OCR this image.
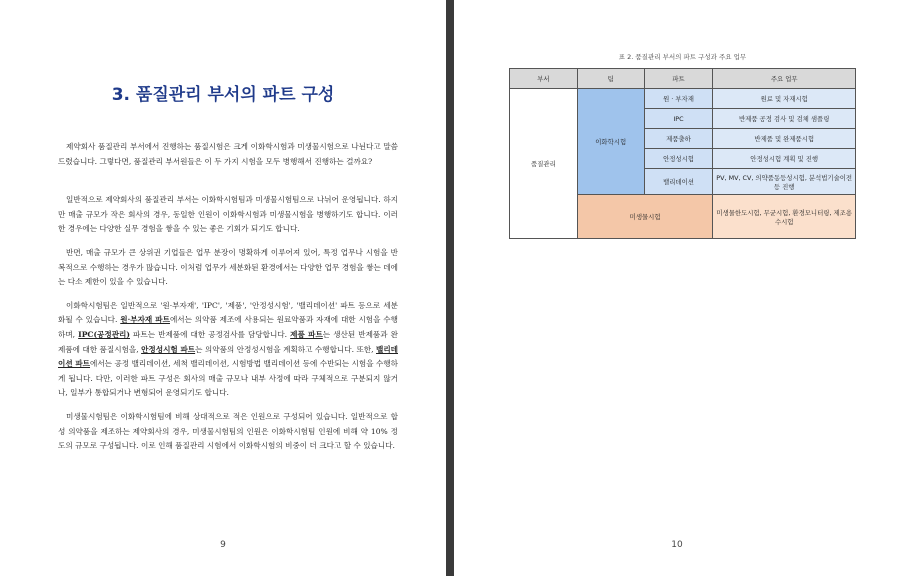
3. 품질관리 부서의 파트 구성

제약회사 품질관리 부서에서 진행하는 품질시험은 크게 이화학시험과 미생물시험으로 나뉜다고 말씀드렸습니다. 그렇다면, 품질관리 부서원들은 이 두 가지 시험을 모두 병행해서 진행하는 걸까요?

일반적으로 제약회사의 품질관리 부서는 이화학시험팀과 미생물시험팀으로 나뉘어 운영됩니다. 하지만 매출 규모가 작은 회사의 경우, 동일한 인원이 이화학시험과 미생물시험을 병행하기도 합니다. 이러한 경우에는 다양한 실무 경험을 쌓을 수 있는 좋은 기회가 되기도 합니다.

반면, 매출 규모가 큰 상위권 기업들은 업무 분장이 명확하게 이루어져 있어, 특정 업무나 시험을 반복적으로 수행하는 경우가 많습니다. 이처럼 업무가 세분화된 환경에서는 다양한 업무 경험을 쌓는 데에는 다소 제한이 있을 수 있습니다.

이화학시험팀은 일반적으로 '원·부자재', 'IPC', '제품', '안정성시험', '밸리데이션' 파트 등으로 세분화될 수 있습니다. 원·부자재 파트에서는 의약품 제조에 사용되는 원료약품과 자재에 대한 시험을 수행하며, IPC(공정관리) 파트는 반제품에 대한 공정검사를 담당합니다. 제품 파트는 생산된 반제품과 완제품에 대한 품질시험을, 안정성시험 파트는 의약품의 안정성시험을 계획하고 수행합니다. 또한, 밸리데이션 파트에서는 공정 밸리데이션, 세척 밸리데이션, 시험방법 밸리데이션 등에 수반되는 시험을 수행하게 됩니다. 다만, 이러한 파트 구성은 회사의 매출 규모나 내부 사정에 따라 구체적으로 구분되지 않거나, 일부가 통합되거나 변형되어 운영되기도 합니다.

미생물시험팀은 이화학시험팀에 비해 상대적으로 적은 인원으로 구성되어 있습니다. 일반적으로 합성 의약품을 제조하는 제약회사의 경우, 미생물시험팀의 인원은 이화학시험팀 인원에 비해 약 10% 정도의 규모로 구성됩니다. 이로 인해 품질관리 시험에서 이화학시험의 비중이 더 크다고 할 수 있습니다.

9
표 2. 품질관리 부서의 파트 구성과 주요 업무
부서	팀	파트	주요 업무
품질관리	이화학시험	원 · 부자재	원료 및 자재시험
		IPC	반제품 공정 검사 및 검체 샘플링
		제품출하	반제품 및 완제품시험
		안정성시험	안정성시험 계획 및 진행
		밸리데이션	PV, MV, CV, 의약품동등성시험, 분석법기술이전 등 진행
	미생물시험		미생물한도시험, 무균시험, 환경모니터링, 제조용수시험

10
